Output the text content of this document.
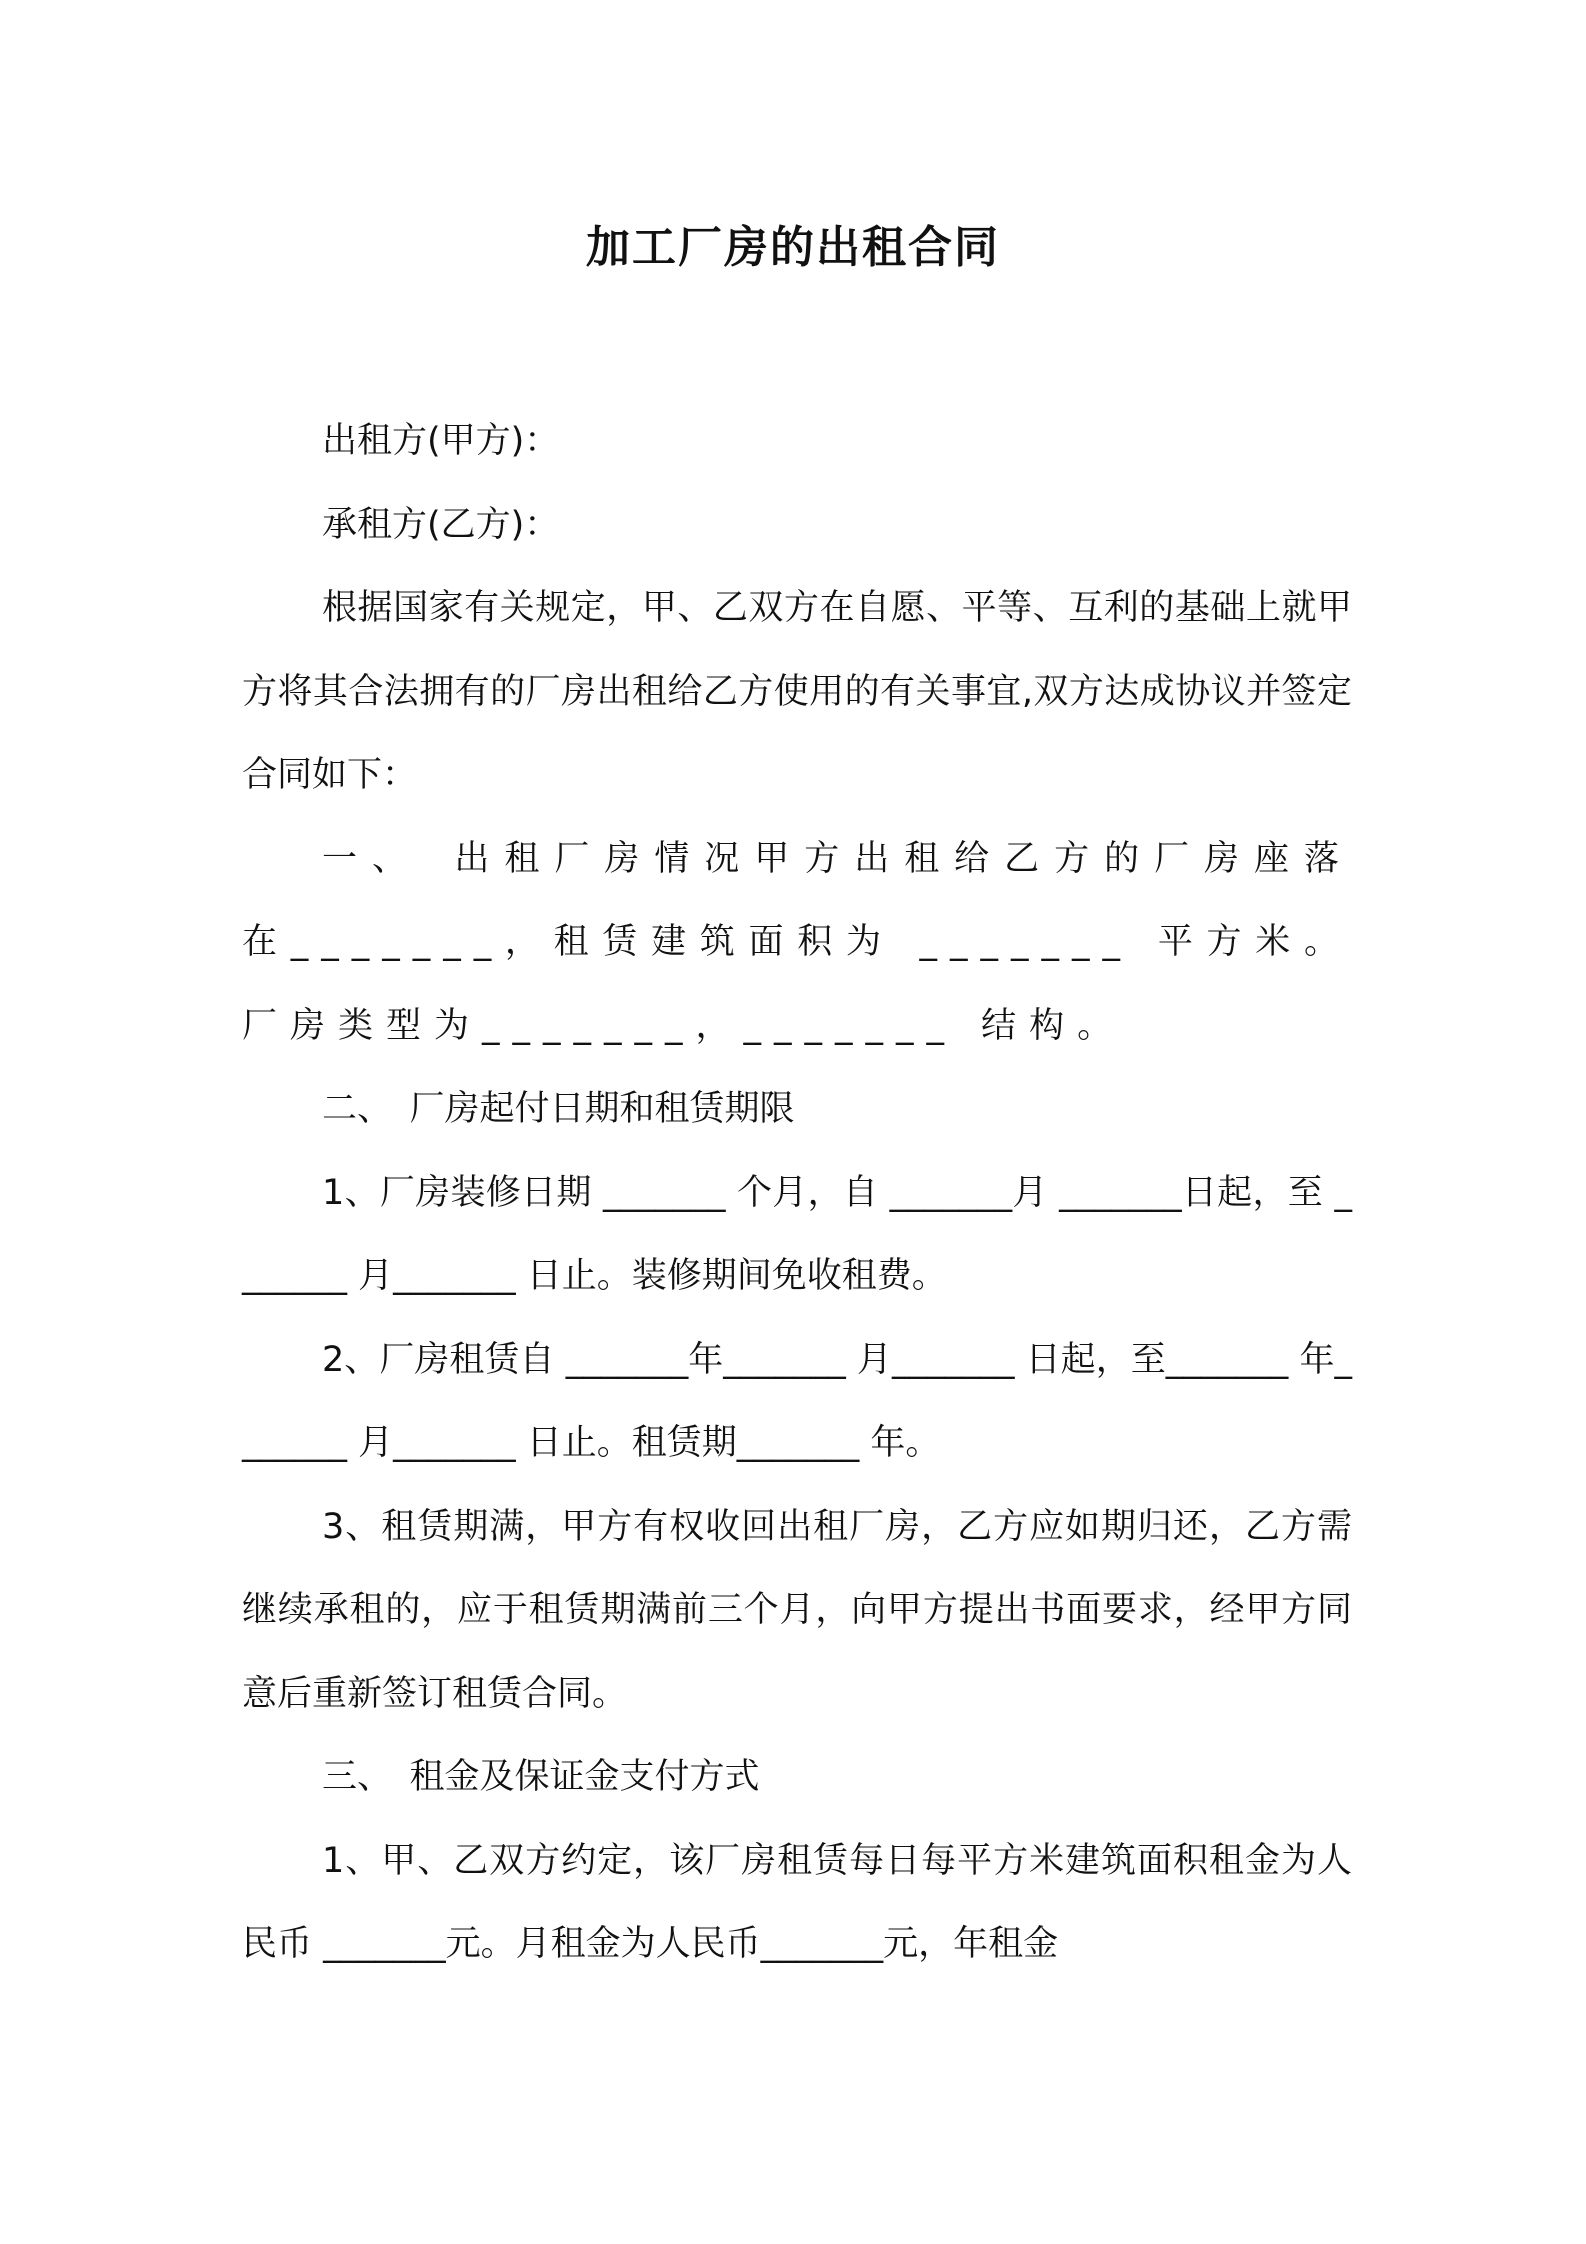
加工厂房的出租合同

出租方(甲方)：

承租方(乙方)：

根据国家有关规定，甲、乙双方在自愿、平等、互利的基础上就甲方将其合法拥有的厂房出租给乙方使用的有关事宜,双方达成协议并签定合同如下：

一、　出租厂房情况甲方出租给乙方的厂房座落在_______，租赁建筑面积为 _______ 平方米。厂房类型为_______，_______ 结构。

二、　厂房起付日期和租赁期限

1、厂房装修日期 _______ 个月，自 _______月 _______日起，至 _______ 月_______ 日止。装修期间免收租费。

2、厂房租赁自 _______年_______ 月_______ 日起，至_______ 年_______ 月_______ 日止。租赁期_______ 年。

3、租赁期满，甲方有权收回出租厂房，乙方应如期归还，乙方需继续承租的，应于租赁期满前三个月，向甲方提出书面要求，经甲方同意后重新签订租赁合同。

三、　租金及保证金支付方式

1、甲、乙双方约定，该厂房租赁每日每平方米建筑面积租金为人民币 _______元。月租金为人民币_______元，年租金
